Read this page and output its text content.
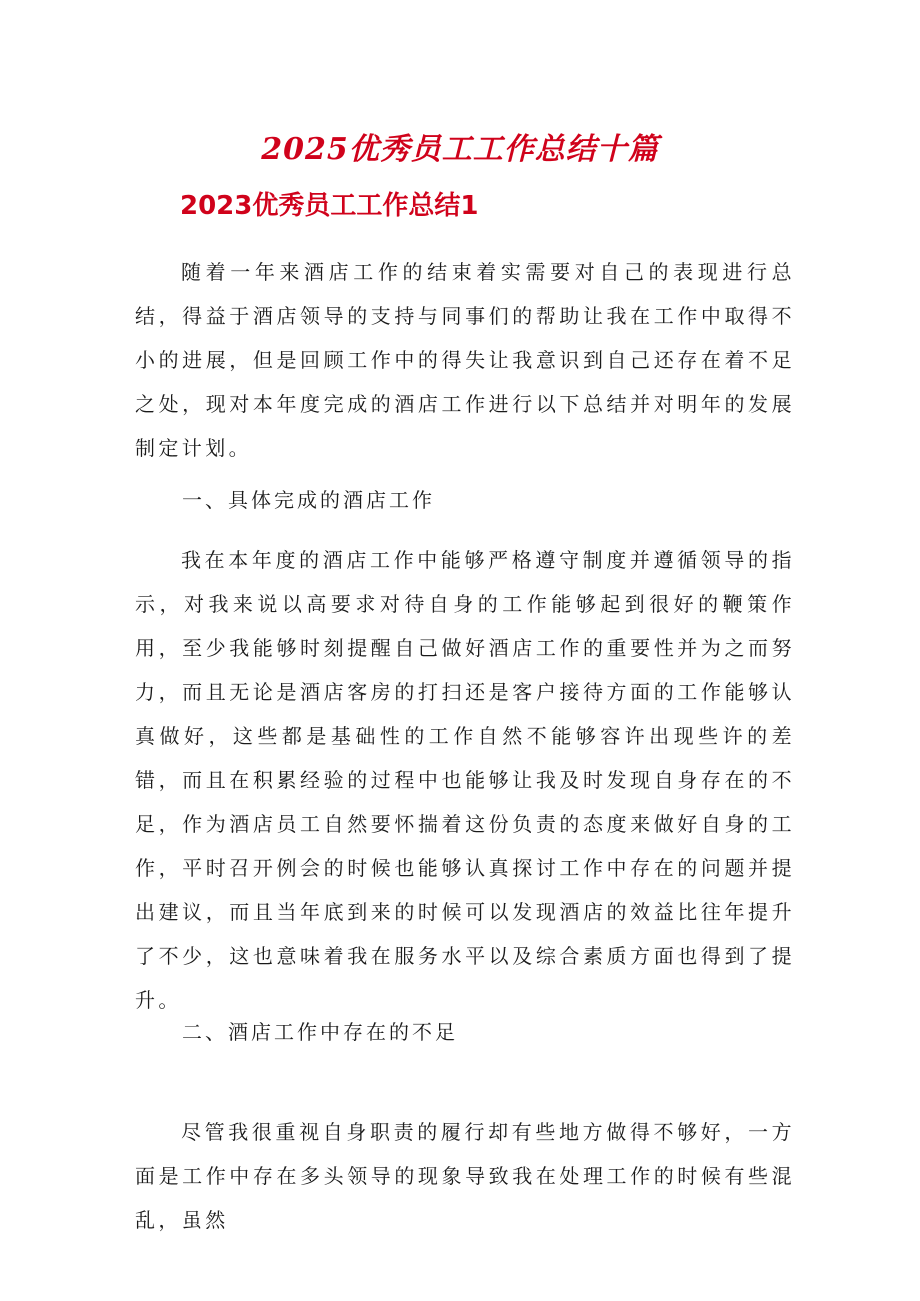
2025优秀员工工作总结十篇
2023优秀员工工作总结1

随着一年来酒店工作的结束着实需要对自己的表现进行总结，得益于酒店领导的支持与同事们的帮助让我在工作中取得不小的进展，但是回顾工作中的得失让我意识到自己还存在着不足之处，现对本年度完成的酒店工作进行以下总结并对明年的发展制定计划。

一、具体完成的酒店工作

我在本年度的酒店工作中能够严格遵守制度并遵循领导的指示，对我来说以高要求对待自身的工作能够起到很好的鞭策作用，至少我能够时刻提醒自己做好酒店工作的重要性并为之而努力，而且无论是酒店客房的打扫还是客户接待方面的工作能够认真做好，这些都是基础性的工作自然不能够容许出现些许的差错，而且在积累经验的过程中也能够让我及时发现自身存在的不足，作为酒店员工自然要怀揣着这份负责的态度来做好自身的工作，平时召开例会的时候也能够认真探讨工作中存在的问题并提出建议，而且当年底到来的时候可以发现酒店的效益比往年提升了不少，这也意味着我在服务水平以及综合素质方面也得到了提升。

二、酒店工作中存在的不足

尽管我很重视自身职责的履行却有些地方做得不够好，一方面是工作中存在多头领导的现象导致我在处理工作的时候有些混乱，虽然
